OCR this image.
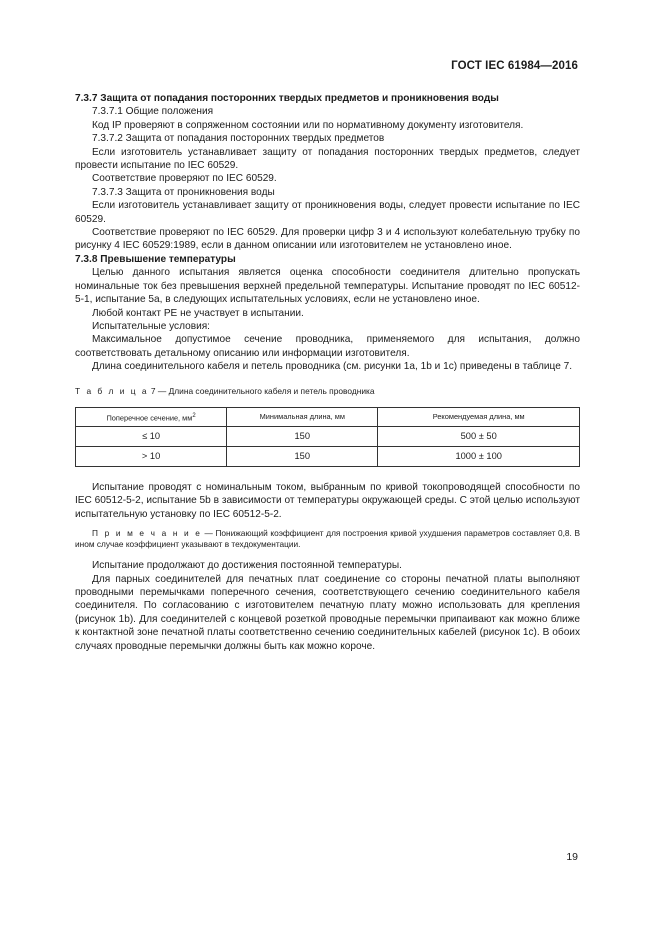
ГОСТ IEC 61984—2016

7.3.7 Защита от попадания посторонних твердых предметов и проникновения воды

7.3.7.1 Общие положения

Код IP проверяют в сопряженном состоянии или по нормативному документу изготовителя.

7.3.7.2 Защита от попадания посторонних твердых предметов

Если изготовитель устанавливает защиту от попадания посторонних твердых предметов, следует провести испытание по IEC 60529.

Соответствие проверяют по IEC 60529.

7.3.7.3 Защита от проникновения воды

Если изготовитель устанавливает защиту от проникновения воды, следует провести испытание по IEC 60529.

Соответствие проверяют по IEC 60529. Для проверки цифр 3 и 4 используют колебательную трубку по рисунку 4 IEC 60529:1989, если в данном описании или изготовителем не установлено иное.

7.3.8 Превышение температуры

Целью данного испытания является оценка способности соединителя длительно пропускать номинальные ток без превышения верхней предельной температуры. Испытание проводят по IEC 60512-5-1, испытание 5a, в следующих испытательных условиях, если не установлено иное.

Любой контакт PE не участвует в испытании.

Испытательные условия:

Максимальное допустимое сечение проводника, применяемого для испытания, должно соответствовать детальному описанию или информации изготовителя.

Длина соединительного кабеля и петель проводника (см. рисунки 1a, 1b и 1c) приведены в таблице 7.

Т а б л и ц а 7 — Длина соединительного кабеля и петель проводника

Поперечное сечение, $мм^2$	Минимальная длина, мм	Рекомендуемая длина, мм
≤ 10	150	500 ± 50
> 10	150	1000 ± 100

Испытание проводят с номинальным током, выбранным по кривой токопроводящей способности по IEC 60512-5-2, испытание 5b в зависимости от температуры окружающей среды. С этой целью используют испытательную установку по IEC 60512-5-2.

П р и м е ч а н и е — Понижающий коэффициент для построения кривой ухудшения параметров составляет 0,8. В ином случае коэффициент указывают в техдокументации.

Испытание продолжают до достижения постоянной температуры.

Для парных соединителей для печатных плат соединение со стороны печатной платы выполняют проводными перемычками поперечного сечения, соответствующего сечению соединительного кабеля соединителя. По согласованию с изготовителем печатную плату можно использовать для крепления (рисунок 1b). Для соединителей с концевой розеткой проводные перемычки припаивают как можно ближе к контактной зоне печатной платы соответственно сечению соединительных кабелей (рисунок 1c). В обоих случаях проводные перемычки должны быть как можно короче.

19
